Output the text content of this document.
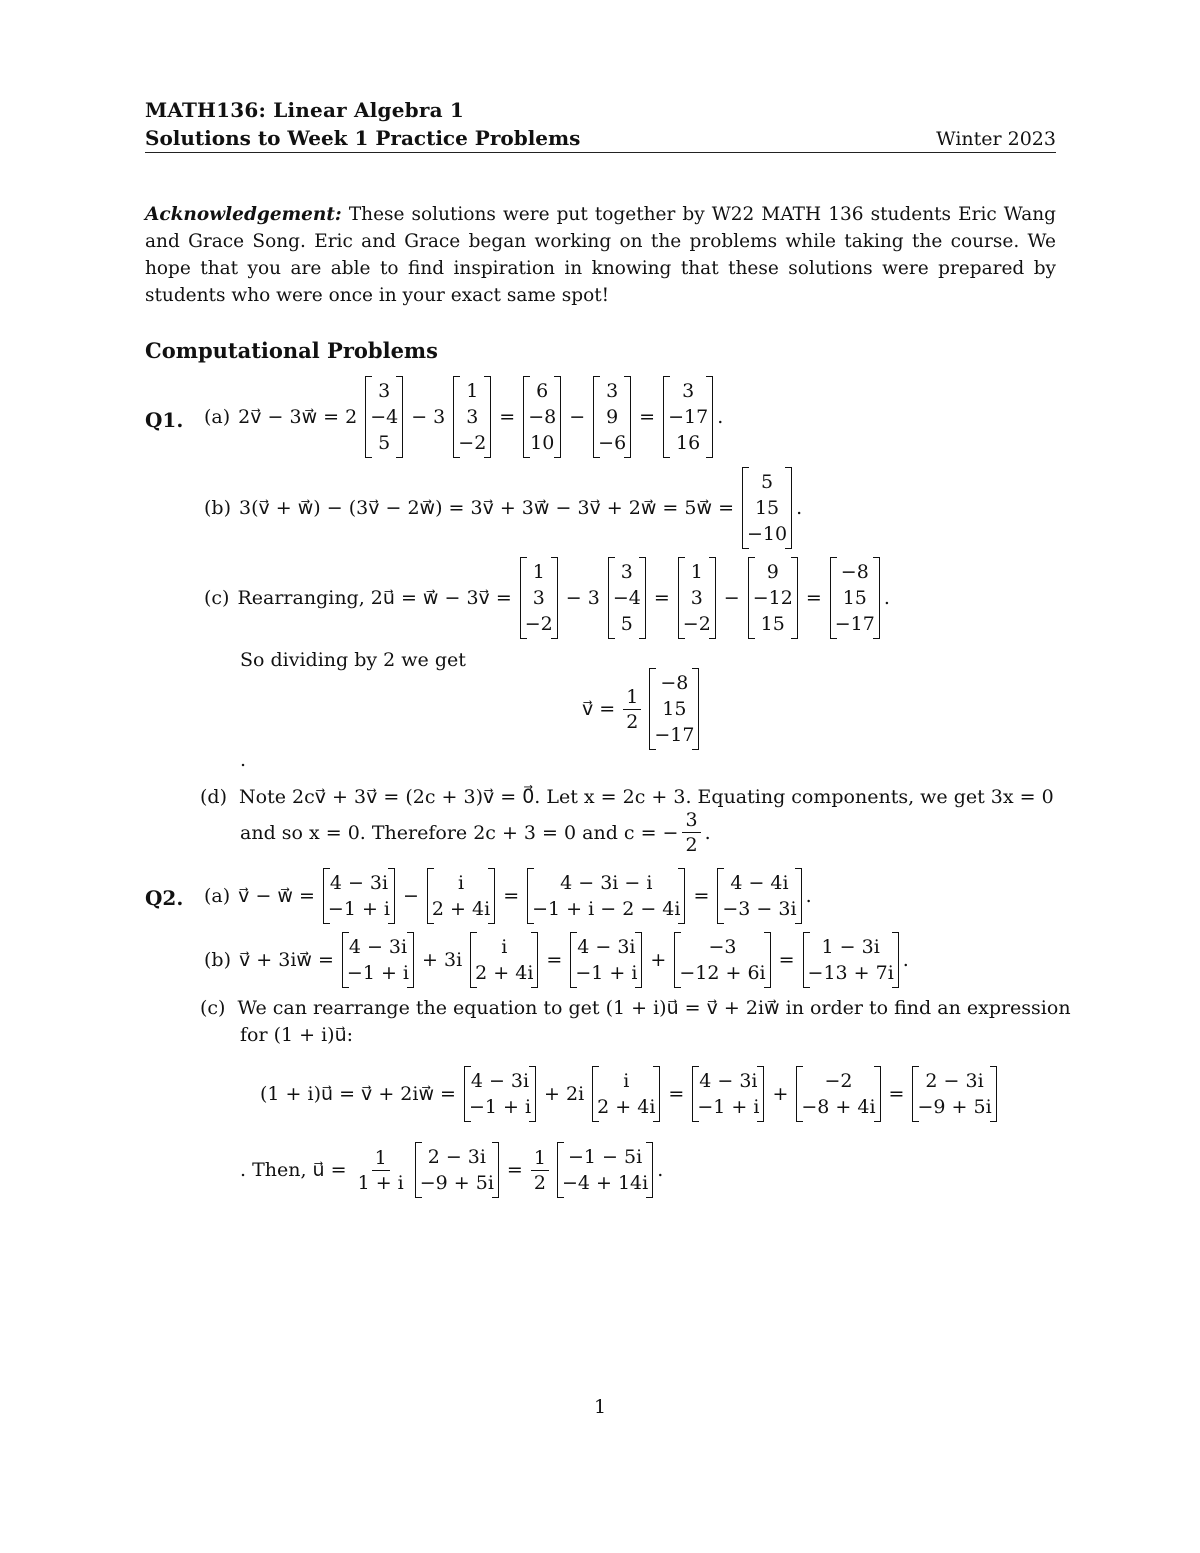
MATH136: Linear Algebra 1
Solutions to Week 1 Practice Problems	Winter 2023
Acknowledgement: These solutions were put together by W22 MATH 136 students Eric Wang and Grace Song. Eric and Grace began working on the problems while taking the course. We hope that you are able to find inspiration in knowing that these solutions were prepared by students who were once in your exact same spot!
Computational Problems
Q1. (a) 2v⃗ − 3w⃗ = 2
3
−4
5
− 3
1
3
−2
=
6
−8
10
−
3
9
−6
=
3
−17
16
.
(b) 3(v⃗ + w⃗) − (3v⃗ − 2w⃗) = 3v⃗ + 3w⃗ − 3v⃗ + 2w⃗ = 5w⃗ =
5
15
−10
.
(c) Rearranging, 2u⃗ = w⃗ − 3v⃗ =
1
3
−2
− 3
3
−4
5
=
1
3
−2
−
9
−12
15
=
−8
15
−17
.
So dividing by 2 we get
v⃗ = $\frac{1}{2}$
−8
15
−17
.
(d) Note 2cv⃗ + 3v⃗ = (2c + 3)v⃗ = 0⃗. Let x = 2c + 3. Equating components, we get 3x = 0
and so x = 0. Therefore 2c + 3 = 0 and c = − $\frac{3}{2}$ .
Q2. (a) v⃗ − w⃗ =
4 − 3i
−1 + i
−
i
2 + 4i
=
4 − 3i − i
−1 + i − 2 − 4i
=
4 − 4i
−3 − 3i
.
(b) v⃗ + 3iw⃗ =
4 − 3i
−1 + i
+ 3i
i
2 + 4i
=
4 − 3i
−1 + i
+
−3
−12 + 6i
=
1 − 3i
−13 + 7i
.
(c) We can rearrange the equation to get (1 + i)u⃗ = v⃗ + 2iw⃗ in order to find an expression
for (1 + i)u⃗:
(1 + i)u⃗ = v⃗ + 2iw⃗ =
4 − 3i
−1 + i
+ 2i
i
2 + 4i
=
4 − 3i
−1 + i
+
−2
−8 + 4i
=
2 − 3i
−9 + 5i
. Then, u⃗ = $\frac{1}{1 + i} 2 - 3i$
−9 + 5i
= $\frac{1}{2} -1 - 5i$
−4 + 14i
.
1
